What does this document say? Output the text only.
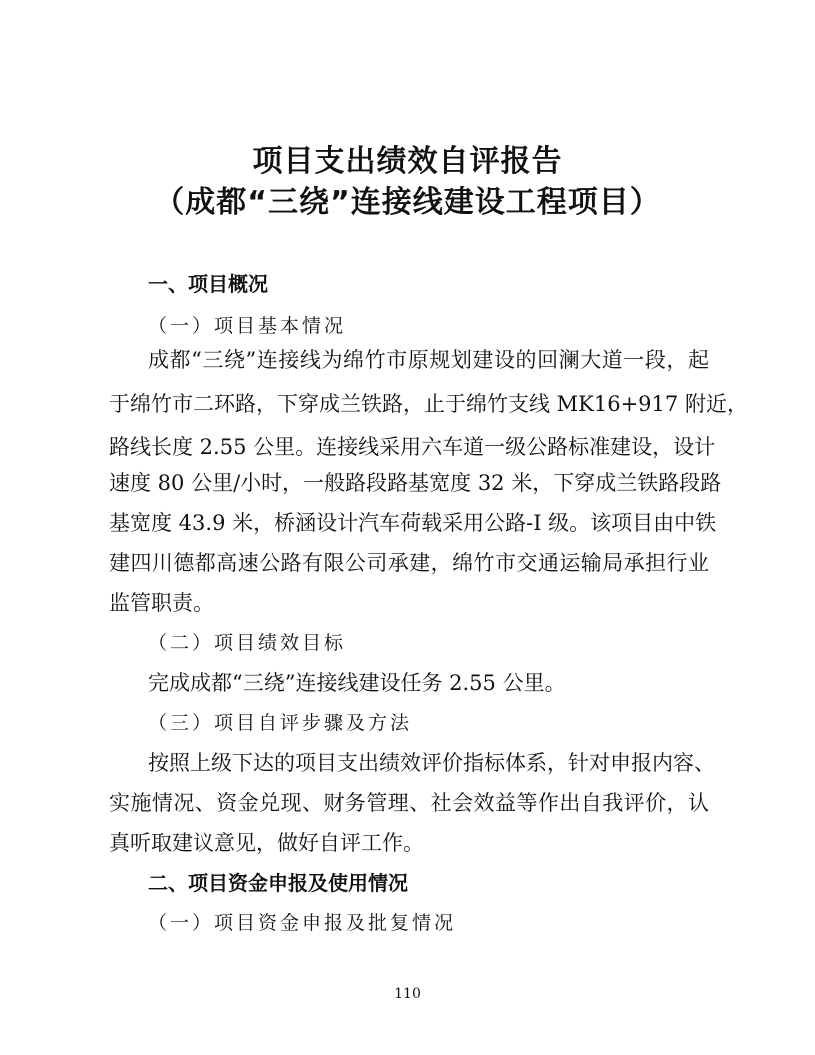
项目支出绩效自评报告
（成都“三绕”连接线建设工程项目）
一、项目概况
（一）项目基本情况
成都“三绕”连接线为绵竹市原规划建设的回澜大道一段，起
于绵竹市二环路，下穿成兰铁路，止于绵竹支线 MK16+917 附近，
路线长度 2.55 公里。连接线采用六车道一级公路标准建设，设计
速度 80 公里/小时，一般路段路基宽度 32 米，下穿成兰铁路段路
基宽度 43.9 米，桥涵设计汽车荷载采用公路-I 级。该项目由中铁
建四川德都高速公路有限公司承建，绵竹市交通运输局承担行业
监管职责。
（二）项目绩效目标
完成成都“三绕”连接线建设任务 2.55 公里。
（三）项目自评步骤及方法
按照上级下达的项目支出绩效评价指标体系，针对申报内容、
实施情况、资金兑现、财务管理、社会效益等作出自我评价，认
真听取建议意见，做好自评工作。
二、项目资金申报及使用情况
（一）项目资金申报及批复情况
110
